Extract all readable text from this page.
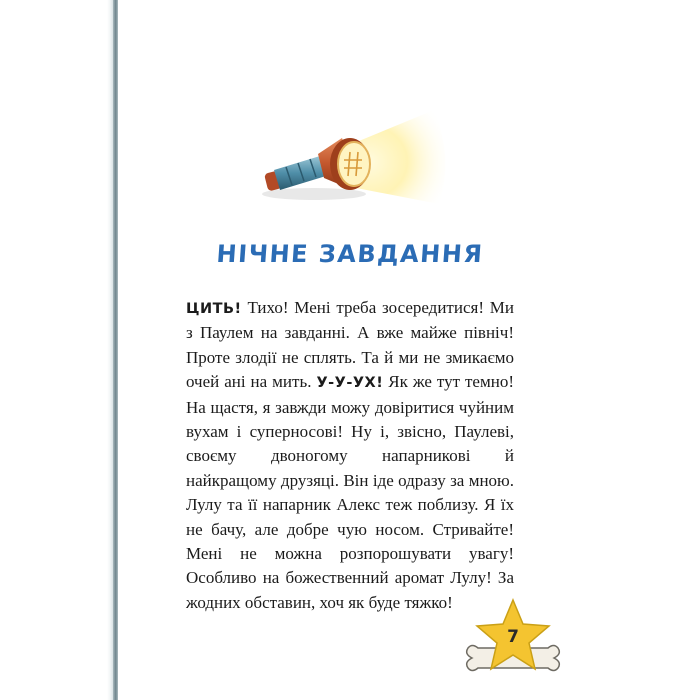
НІЧНЕ ЗАВДАННЯ

ЦИТЬ! Тихо! Мені треба зосередитися! Ми з Паулем на завданні. А вже майже північ! Проте злодії не сплять. Та й ми не змикаємо очей ані на мить. У-У-УХ! Як же тут темно! На щастя, я завжди можу довіритися чуйним вухам і суперносові! Ну і, звісно, Паулеві, своєму двоногому напарникові й найкращому друзяці. Він іде одразу за мною. Лулу та її напарник Алекс теж поблизу. Я їх не бачу, але добре чую носом. Стривайте! Мені не можна розпорошувати увагу! Особливо на божественний аромат Лулу! За жодних обставин, хоч як буде тяжко!

7
